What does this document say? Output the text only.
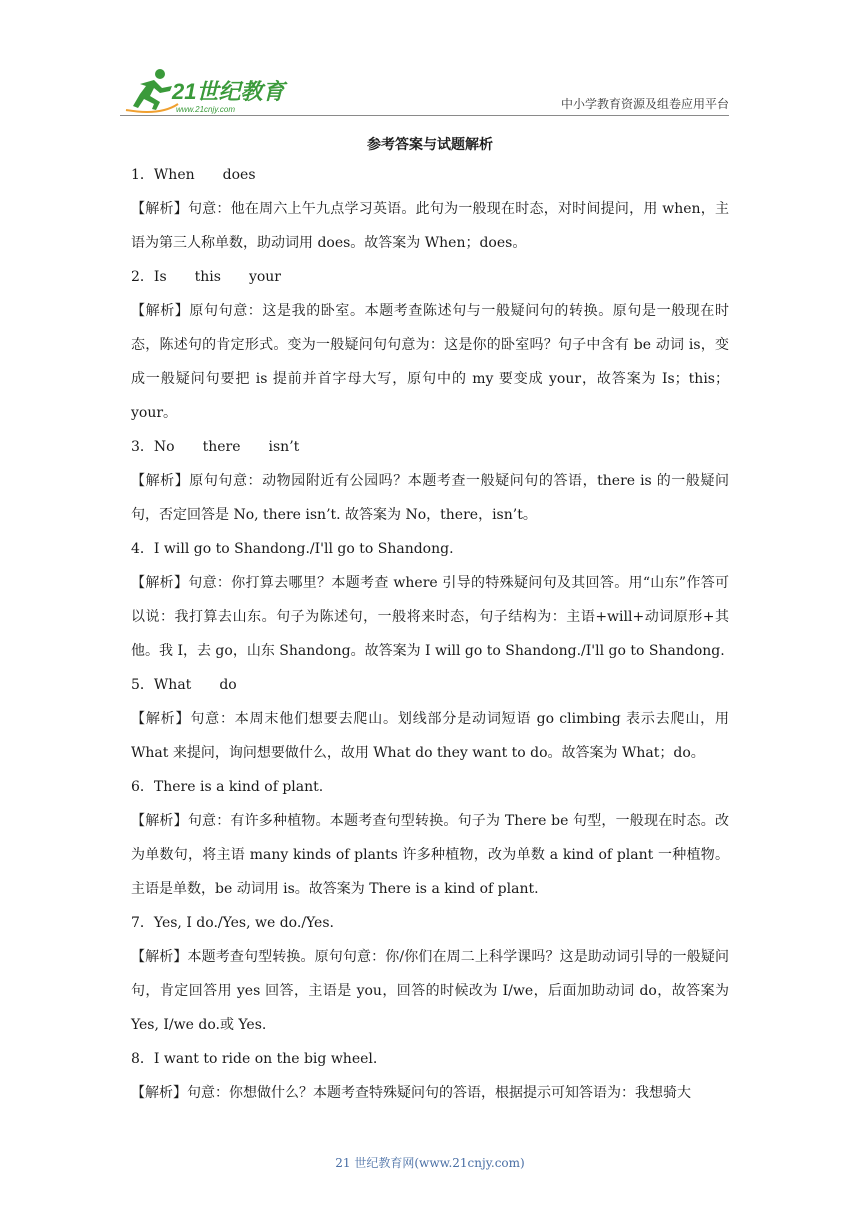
21世纪教育
www.21cnjy.com	中小学教育资源及组卷应用平台
参考答案与试题解析
1． When does
【解析】句意：他在周六上午九点学习英语。此句为一般现在时态，对时间提问，用 when，主语为第三人称单数，助动词用 does。故答案为 When；does。
2． Is this your
【解析】原句句意：这是我的卧室。本题考查陈述句与一般疑问句的转换。原句是一般现在时态，陈述句的肯定形式。变为一般疑问句句意为：这是你的卧室吗？句子中含有 be 动词 is，变成一般疑问句要把 is 提前并首字母大写，原句中的 my 要变成 your，故答案为 Is；this；your。
3． No there isn’t
【解析】原句句意：动物园附近有公园吗？本题考查一般疑问句的答语，there is 的一般疑问句，否定回答是 No, there isn’t. 故答案为 No，there，isn’t。
4． I will go to Shandong./I'll go to Shandong.
【解析】句意：你打算去哪里？本题考查 where 引导的特殊疑问句及其回答。用“山东”作答可以说：我打算去山东。句子为陈述句，一般将来时态，句子结构为：主语+will+动词原形+其他。我 I，去 go，山东 Shandong。故答案为 I will go to Shandong./I'll go to Shandong.
5． What do
【解析】句意：本周末他们想要去爬山。划线部分是动词短语 go climbing 表示去爬山，用 What 来提问，询问想要做什么，故用 What do they want to do。故答案为 What；do。
6． There is a kind of plant.
【解析】句意：有许多种植物。本题考查句型转换。句子为 There be 句型，一般现在时态。改为单数句，将主语 many kinds of plants 许多种植物，改为单数 a kind of plant 一种植物。主语是单数，be 动词用 is。故答案为 There is a kind of plant.
7． Yes, I do./Yes, we do./Yes.
【解析】本题考查句型转换。原句句意：你/你们在周二上科学课吗？这是助动词引导的一般疑问句，肯定回答用 yes 回答，主语是 you，回答的时候改为 I/we，后面加助动词 do，故答案为 Yes, I/we do.或 Yes.
8． I want to ride on the big wheel.
【解析】句意：你想做什么？本题考查特殊疑问句的答语，根据提示可知答语为：我想骑大
21 世纪教育网(www.21cnjy.com)
